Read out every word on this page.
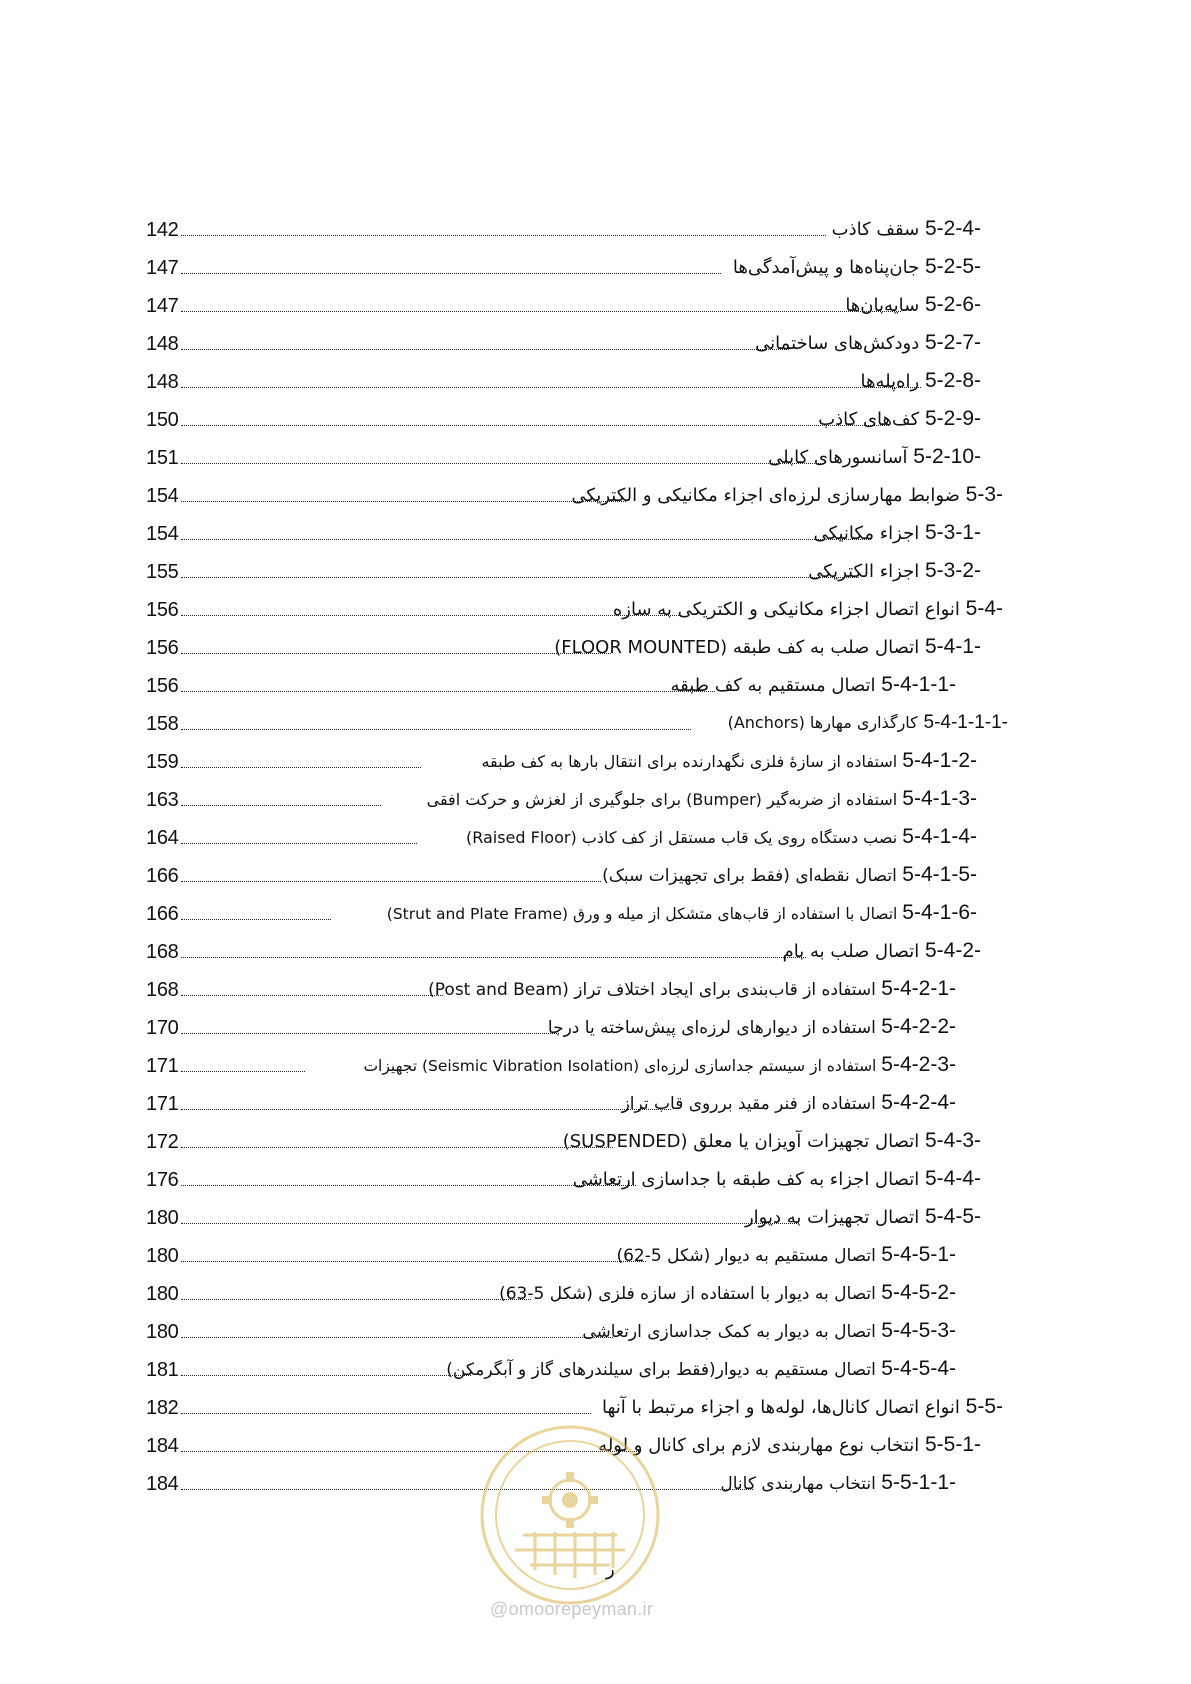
142	5-2-4- سقف کاذب
147	5-2-5- جان‌پناه‌ها و پیش‌آمدگی‌ها
147	5-2-6- سایه‌بان‌ها
148	5-2-7- دودکش‌های ساختمانی
148	5-2-8- راه‌پله‌ها
150	5-2-9- کف‌های کاذب
151	5-2-10- آسانسورهای کابلی
154	5-3- ضوابط مهارسازی لرزه‌ای اجزاء مکانیکی و الکتریکی
154	5-3-1- اجزاء مکانیکی
155	5-3-2- اجزاء الکتریکی
156	5-4- انواع اتصال اجزاء مکانیکی و الکتریکی به سازه
156	5-4-1- اتصال صلب به کف طبقه (FLOOR MOUNTED)
156	5-4-1-1- اتصال مستقیم به کف طبقه
158	5-4-1-1-1- کارگذاری مهارها (Anchors)
159	5-4-1-2- استفاده از سازهٔ فلزی نگهدارنده برای انتقال بارها به کف طبقه
163	5-4-1-3- استفاده از ضربه‌گیر (Bumper) برای جلوگیری از لغزش و حرکت افقی
164	5-4-1-4- نصب دستگاه روی یک قاب مستقل از کف کاذب (Raised Floor)
166	5-4-1-5- اتصال نقطه‌ای (فقط برای تجهیزات سبک)
166	5-4-1-6- اتصال با استفاده از قاب‌های متشکل از میله و ورق (Strut and Plate Frame)
168	5-4-2- اتصال صلب به بام
168	5-4-2-1- استفاده از قاب‌بندی برای ایجاد اختلاف تراز (Post and Beam)
170	5-4-2-2- استفاده از دیوارهای لرزه‌ای پیش‌ساخته یا درجا
171	5-4-2-3- استفاده از سیستم جداسازی لرزه‌ای (Seismic Vibration Isolation) تجهیزات
171	5-4-2-4- استفاده از فنر مقید برروی قاب تراز
172	5-4-3- اتصال تجهیزات آویزان یا معلق (SUSPENDED)
176	5-4-4- اتصال اجزاء به کف طبقه با جداسازی ارتعاشی
180	5-4-5- اتصال تجهیزات به دیوار
180	5-4-5-1- اتصال مستقیم به دیوار (شکل 5-62)
180	5-4-5-2- اتصال به دیوار با استفاده از سازه فلزی (شکل 5-63)
180	5-4-5-3- اتصال به دیوار به کمک جداسازی ارتعاشی
181	5-4-5-4- اتصال مستقیم به دیوار(فقط برای سیلندرهای گاز و آبگرمکن)
182	5-5- انواع اتصال کانال‌ها، لوله‌ها و اجزاء مرتبط با آنها
184	5-5-1- انتخاب نوع مهاربندی لازم برای کانال و لوله
184	5-5-1-1- انتخاب مهاربندی کانال
ر
@omoorepeyman.ir
